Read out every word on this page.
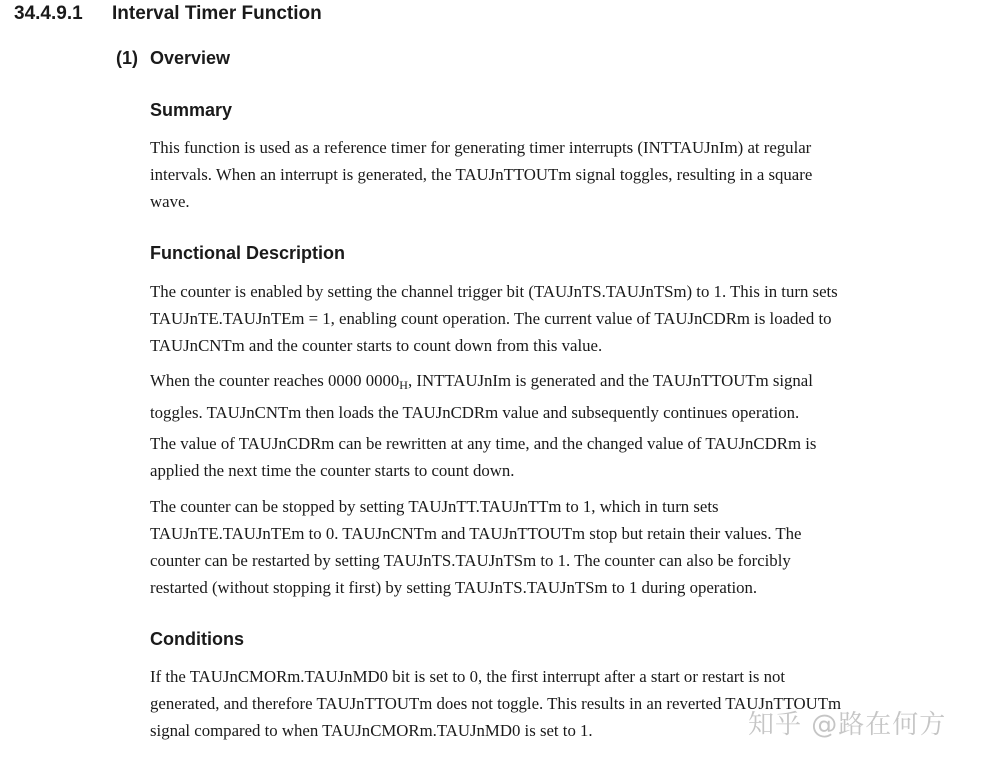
34.4.9.1 Interval Timer Function
(1) Overview
Summary
This function is used as a reference timer for generating timer interrupts (INTTAUJnIm) at regular
intervals. When an interrupt is generated, the TAUJnTTOUTm signal toggles, resulting in a square
wave.
Functional Description
The counter is enabled by setting the channel trigger bit (TAUJnTS.TAUJnTSm) to 1. This in turn sets
TAUJnTE.TAUJnTEm = 1, enabling count operation. The current value of TAUJnCDRm is loaded to
TAUJnCNTm and the counter starts to count down from this value.
When the counter reaches 0000 $0000_H$, INTTAUJnIm is generated and the TAUJnTTOUTm signal
toggles. TAUJnCNTm then loads the TAUJnCDRm value and subsequently continues operation.
The value of TAUJnCDRm can be rewritten at any time, and the changed value of TAUJnCDRm is
applied the next time the counter starts to count down.
The counter can be stopped by setting TAUJnTT.TAUJnTTm to 1, which in turn sets
TAUJnTE.TAUJnTEm to 0. TAUJnCNTm and TAUJnTTOUTm stop but retain their values. The
counter can be restarted by setting TAUJnTS.TAUJnTSm to 1. The counter can also be forcibly
restarted (without stopping it first) by setting TAUJnTS.TAUJnTSm to 1 during operation.
Conditions
If the TAUJnCMORm.TAUJnMD0 bit is set to 0, the first interrupt after a start or restart is not
generated, and therefore TAUJnTTOUTm does not toggle. This results in an reverted TAUJnTTOUTm
signal compared to when TAUJnCMORm.TAUJnMD0 is set to 1.	知乎 @路在何方
